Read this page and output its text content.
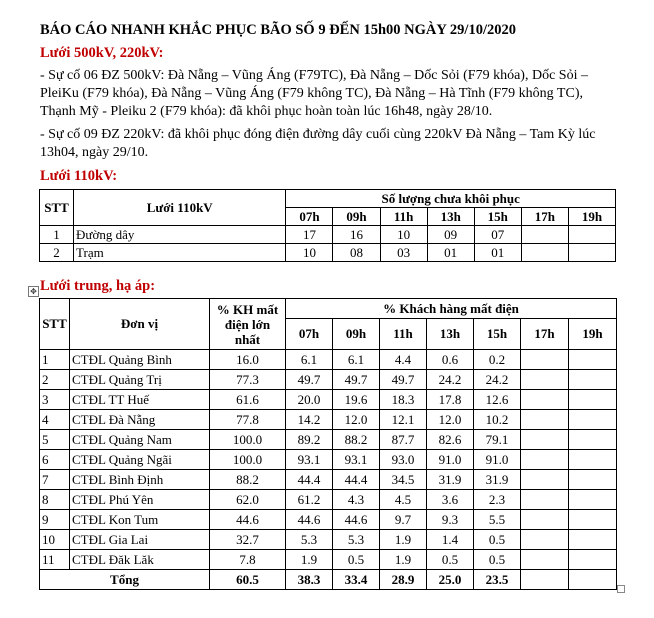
BÁO CÁO NHANH KHẮC PHỤC BÃO SỐ 9 ĐẾN 15h00 NGÀY 29/10/2020
Lưới 500kV, 220kV:

- Sự cố 06 ĐZ 500kV: Đà Nẵng – Vũng Áng (F79TC), Đà Nẵng – Dốc Sỏi (F79 khóa), Dốc Sỏi – PleiKu (F79 khóa), Đà Nẵng – Vũng Áng (F79 không TC), Đà Nẵng – Hà Tĩnh (F79 không TC), Thạnh Mỹ - Pleiku 2 (F79 khóa): đã khôi phục hoàn toàn lúc 16h48, ngày 28/10.

- Sự cố 09 ĐZ 220kV: đã khôi phục đóng điện đường dây cuối cùng 220kV Đà Nẵng – Tam Kỳ lúc 13h04, ngày 29/10.

Lưới 110kV:
STT	Lưới 110kV	Số lượng chưa khôi phục						
		07h	09h	11h	13h	15h	17h	19h
1	Đường dây	17	16	10	09	07		
2	Trạm	10	08	03	01	01		
✥ Lưới trung, hạ áp:
STT	Đơn vị	% KH mất điện lớn nhất	% Khách hàng mất điện						
			07h	09h	11h	13h	15h	17h	19h
1	CTĐL Quảng Bình	16.0	6.1	6.1	4.4	0.6	0.2		
2	CTĐL Quảng Trị	77.3	49.7	49.7	49.7	24.2	24.2		
3	CTĐL TT Huế	61.6	20.0	19.6	18.3	17.8	12.6		
4	CTĐL Đà Nẵng	77.8	14.2	12.0	12.1	12.0	10.2		
5	CTĐL Quảng Nam	100.0	89.2	88.2	87.7	82.6	79.1		
6	CTĐL Quảng Ngãi	100.0	93.1	93.1	93.0	91.0	91.0		
7	CTĐL Bình Định	88.2	44.4	44.4	34.5	31.9	31.9		
8	CTĐL Phú Yên	62.0	61.2	4.3	4.5	3.6	2.3		
9	CTĐL Kon Tum	44.6	44.6	44.6	9.7	9.3	5.5		
10	CTĐL Gia Lai	32.7	5.3	5.3	1.9	1.4	0.5		
11	CTĐL Đăk Lăk	7.8	1.9	0.5	1.9	0.5	0.5		
Tổng		60.5	38.3	33.4	28.9	25.0	23.5		
